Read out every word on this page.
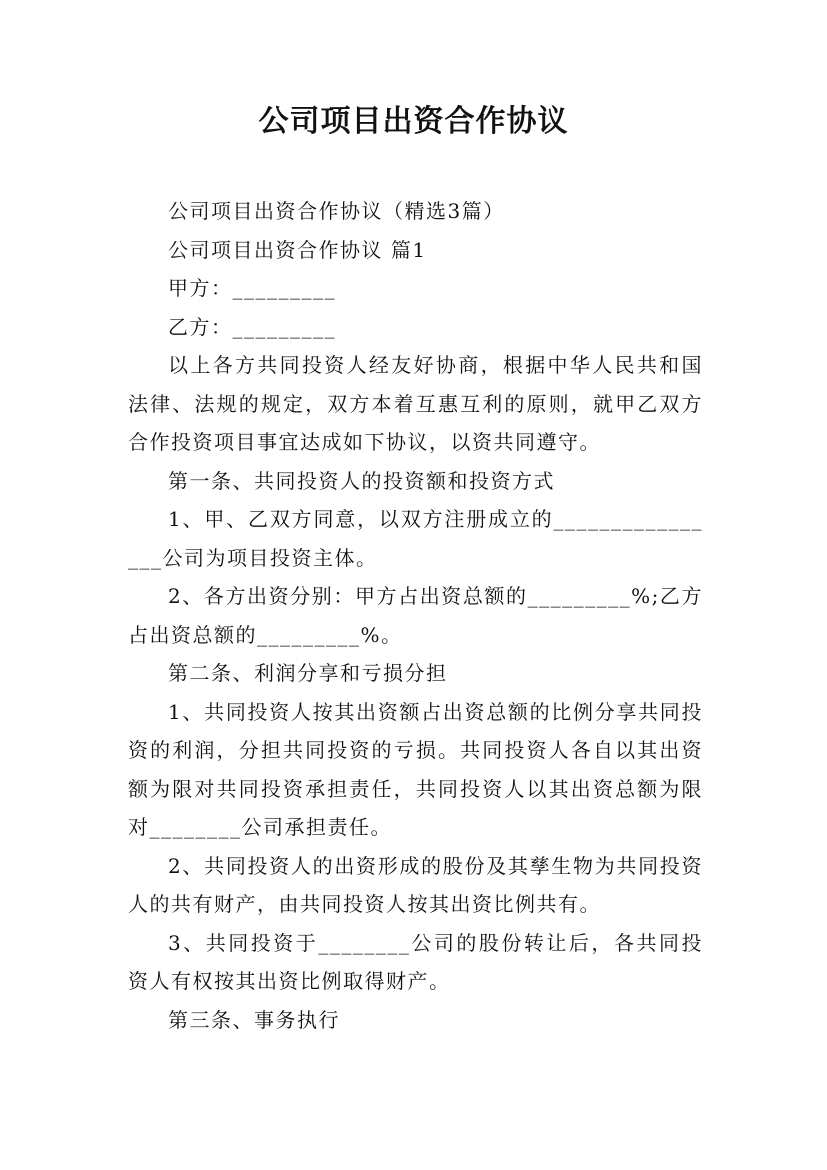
公司项目出资合作协议

公司项目出资合作协议（精选3篇）

公司项目出资合作协议 篇1

甲方：_________

乙方：_________

以上各方共同投资人经友好协商，根据中华人民共和国法律、法规的规定，双方本着互惠互利的原则，就甲乙双方合作投资项目事宜达成如下协议，以资共同遵守。

第一条、共同投资人的投资额和投资方式

1、甲、乙双方同意，以双方注册成立的________________公司为项目投资主体。

2、各方出资分别：甲方占出资总额的_________%;乙方占出资总额的_________%。

第二条、利润分享和亏损分担

1、共同投资人按其出资额占出资总额的比例分享共同投资的利润，分担共同投资的亏损。共同投资人各自以其出资额为限对共同投资承担责任，共同投资人以其出资总额为限对________公司承担责任。

2、共同投资人的出资形成的股份及其孳生物为共同投资人的共有财产，由共同投资人按其出资比例共有。

3、共同投资于________公司的股份转让后，各共同投资人有权按其出资比例取得财产。

第三条、事务执行
